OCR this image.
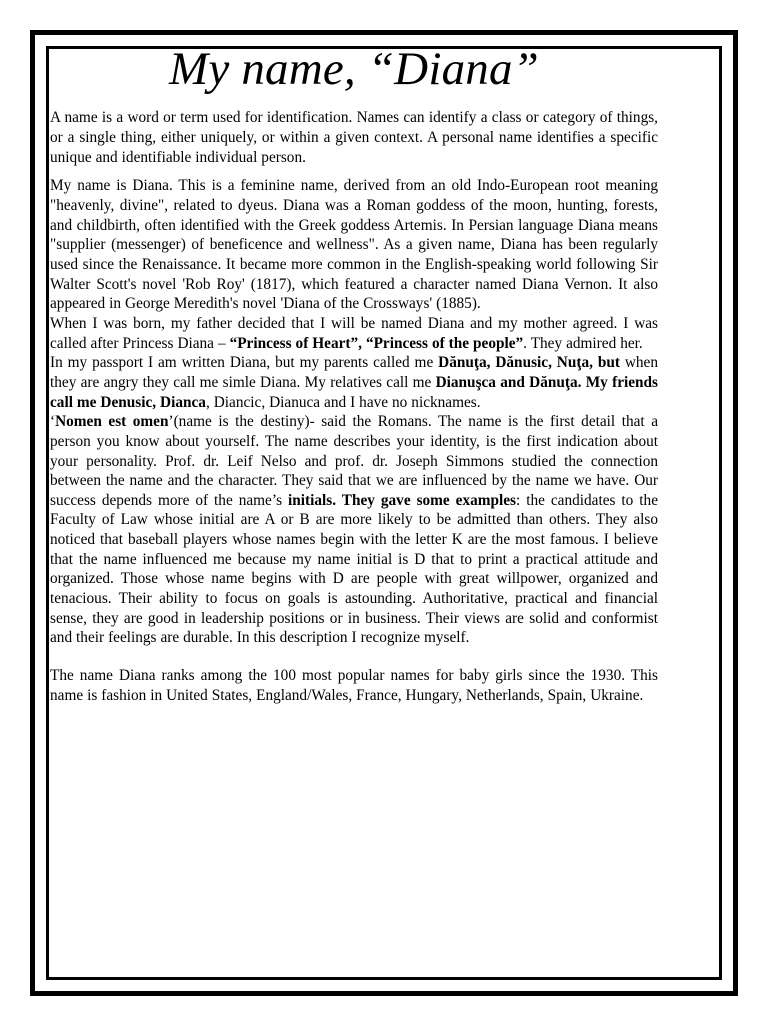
My name, “Diana”

A name is a word or term used for identification. Names can identify a class or category of things, or a single thing, either uniquely, or within a given context. A personal name identifies a specific unique and identifiable individual person.

My name is Diana. This is a feminine name, derived from an old Indo-European root meaning "heavenly, divine", related to dyeus. Diana was a Roman goddess of the moon, hunting, forests, and childbirth, often identified with the Greek goddess Artemis. In Persian language Diana means "supplier (messenger) of beneficence and wellness". As a given name, Diana has been regularly used since the Renaissance. It became more common in the English-speaking world following Sir Walter Scott's novel 'Rob Roy' (1817), which featured a character named Diana Vernon. It also appeared in George Meredith's novel 'Diana of the Crossways' (1885).

When I was born, my father decided that I will be named Diana and my mother agreed. I was called after Princess Diana – “Princess of Heart”, “Princess of the people”. They admired her.

In my passport I am written Diana, but my parents called me Dănuţa, Dănusic, Nuţa, but when they are angry they call me simle Diana. My relatives call me Dianuşca and Dănuţa. My friends call me Denusic, Dianca, Diancic, Dianuca and I have no nicknames.

‘Nomen est omen’(name is the destiny)- said the Romans. The name is the first detail that a person you know about yourself. The name describes your identity, is the first indication about your personality. Prof. dr. Leif Nelso and prof. dr. Joseph Simmons studied the connection between the name and the character. They said that we are influenced by the name we have. Our success depends more of the name’s initials. They gave some examples: the candidates to the Faculty of Law whose initial are A or B are more likely to be admitted than others. They also noticed that baseball players whose names begin with the letter K are the most famous. I believe that the name influenced me because my name initial is D that to print a practical attitude and organized. Those whose name begins with D are people with great willpower, organized and tenacious. Their ability to focus on goals is astounding. Authoritative, practical and financial sense, they are good in leadership positions or in business. Their views are solid and conformist and their feelings are durable. In this description I recognize myself.

The name Diana ranks among the 100 most popular names for baby girls since the 1930. This name is fashion in United States, England/Wales, France, Hungary, Netherlands, Spain, Ukraine.
